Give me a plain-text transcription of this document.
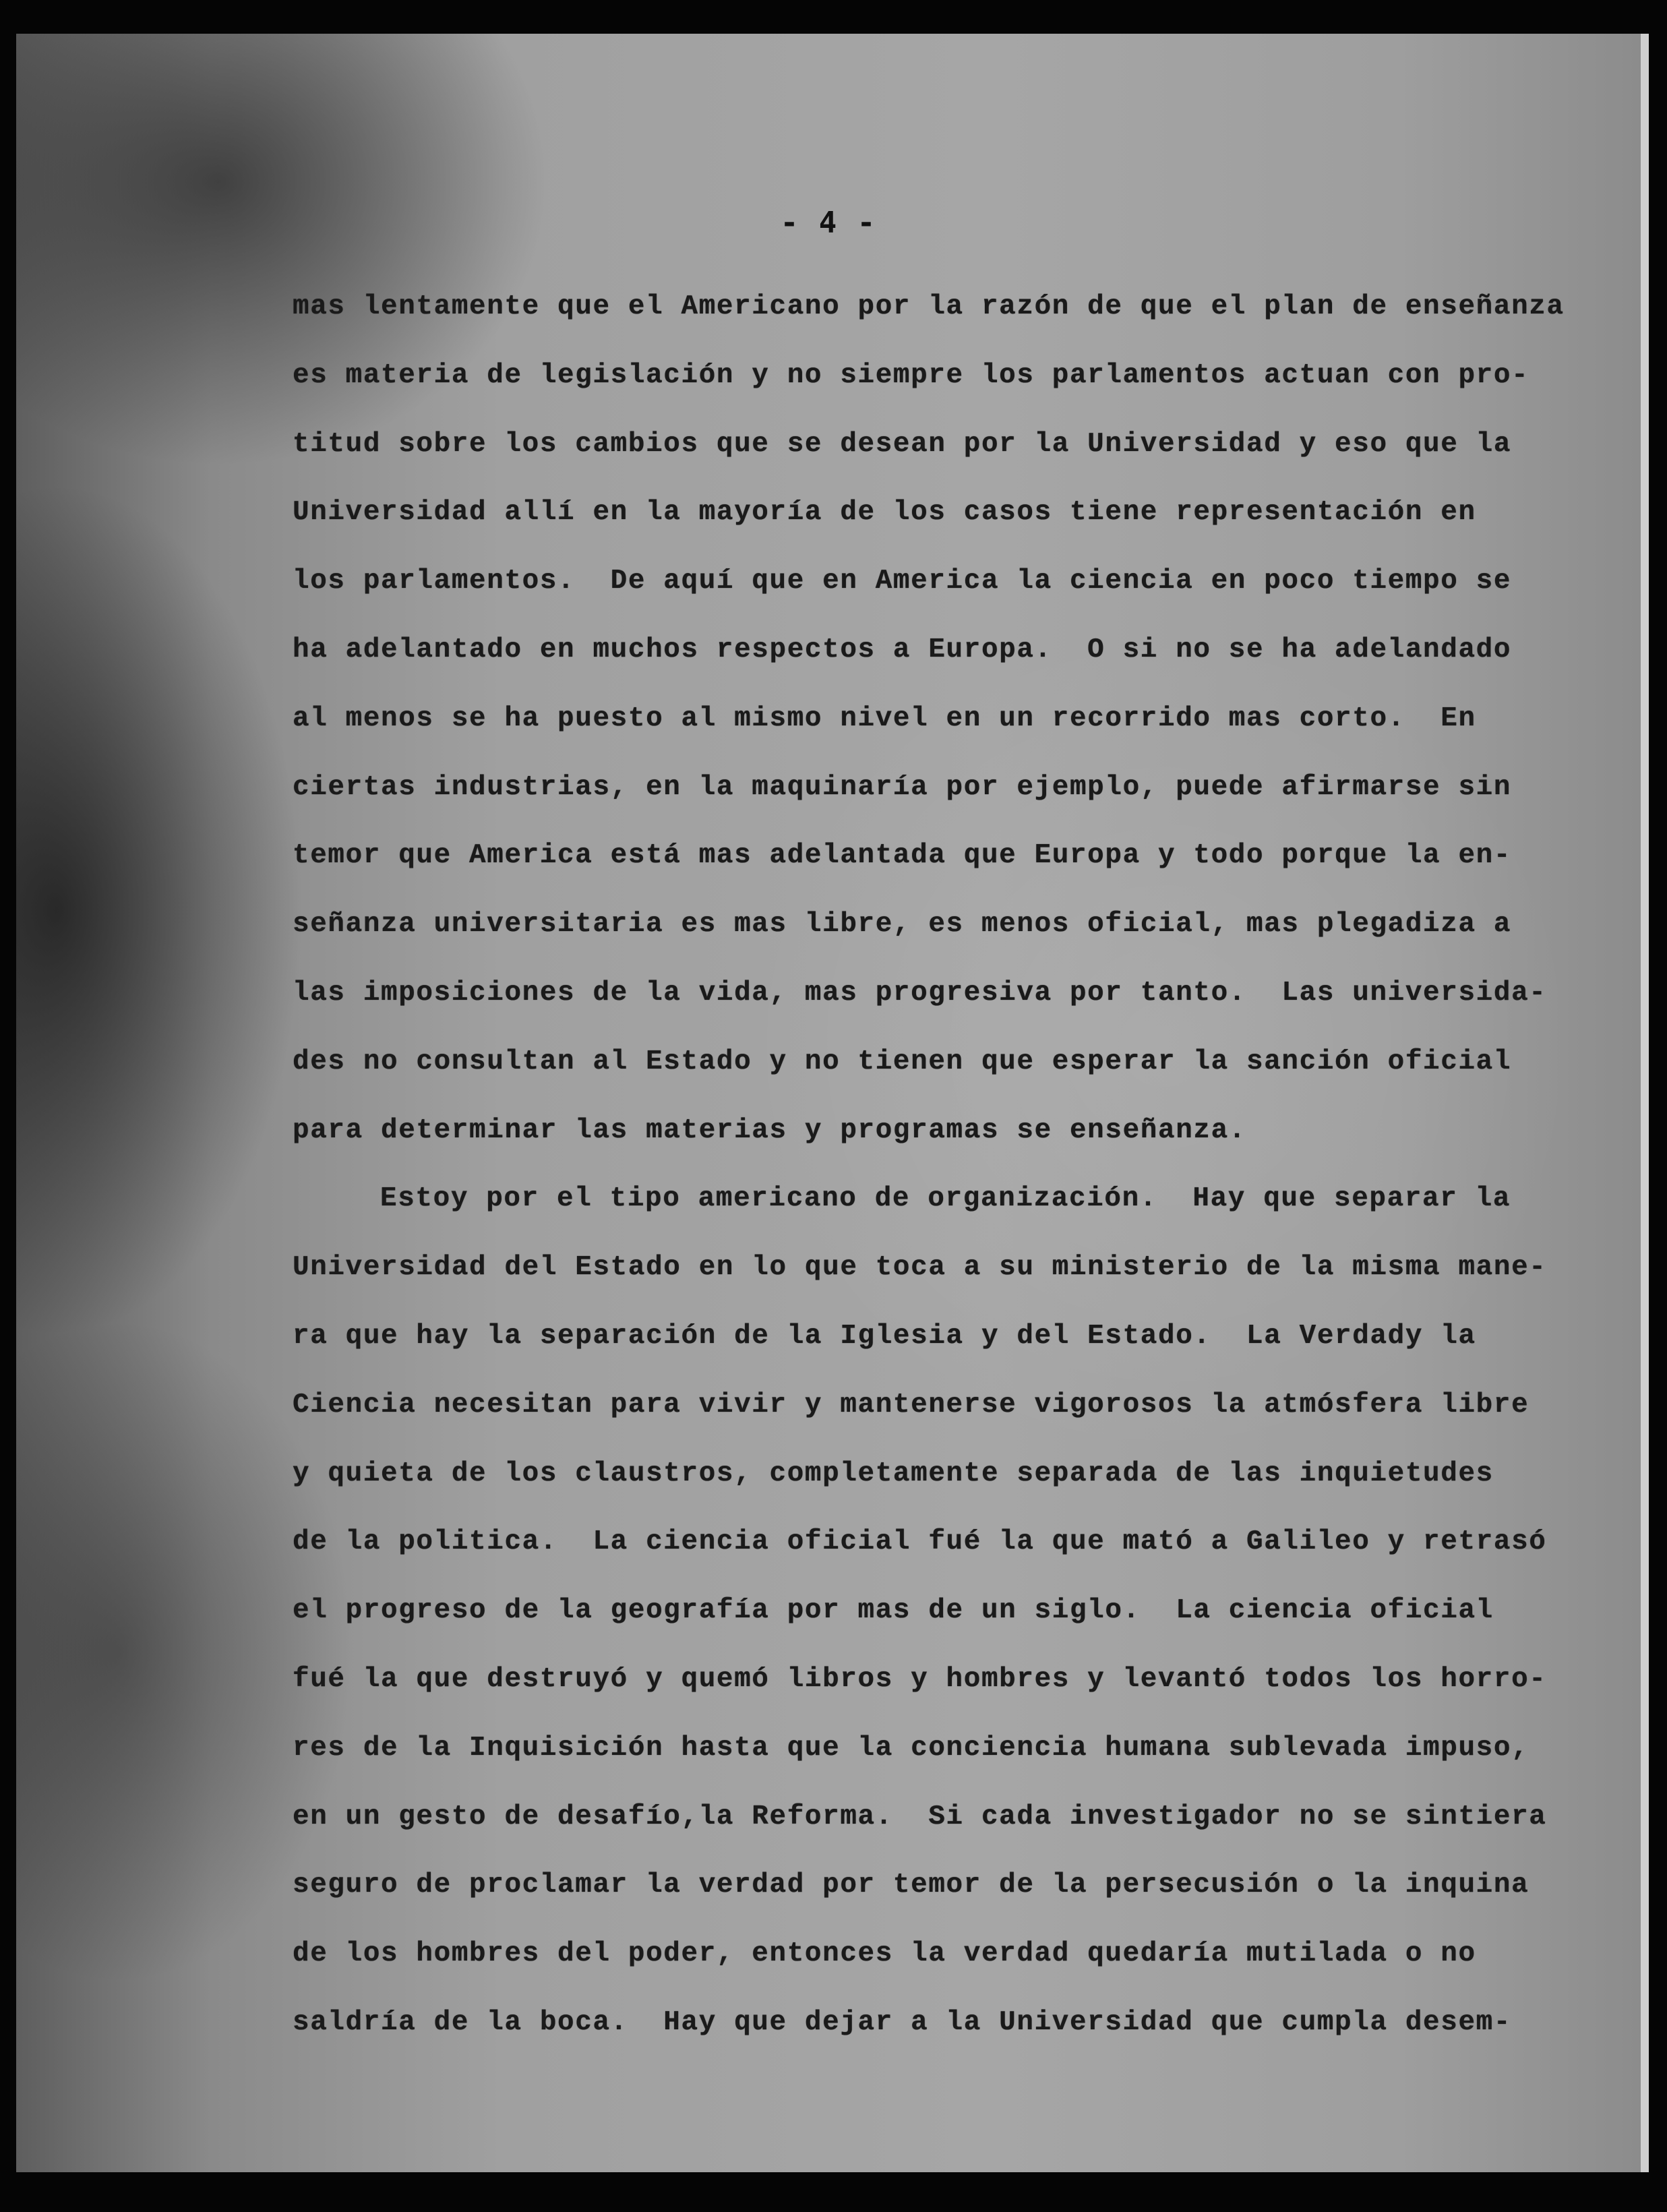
- 4 -
mas lentamente que el Americano por la razón de que el plan de enseñanza
es materia de legislación y no siempre los parlamentos actuan con pro-
titud sobre los cambios que se desean por la Universidad y eso que la
Universidad allí en la mayoría de los casos tiene representación en
los parlamentos.  De aquí que en America la ciencia en poco tiempo se
ha adelantado en muchos respectos a Europa.  O si no se ha adelandado
al menos se ha puesto al mismo nivel en un recorrido mas corto.  En
ciertas industrias, en la maquinaría por ejemplo, puede afirmarse sin
temor que America está mas adelantada que Europa y todo porque la en-
señanza universitaria es mas libre, es menos oficial, mas plegadiza a
las imposiciones de la vida, mas progresiva por tanto.  Las universida-
des no consultan al Estado y no tienen que esperar la sanción oficial
para determinar las materias y programas se enseñanza.
Estoy por el tipo americano de organización.  Hay que separar la
Universidad del Estado en lo que toca a su ministerio de la misma mane-
ra que hay la separación de la Iglesia y del Estado.  La Verdady la
Ciencia necesitan para vivir y mantenerse vigorosos la atmósfera libre
y quieta de los claustros, completamente separada de las inquietudes
de la politica.  La ciencia oficial fué la que mató a Galileo y retrasó
el progreso de la geografía por mas de un siglo.  La ciencia oficial
fué la que destruyó y quemó libros y hombres y levantó todos los horro-
res de la Inquisición hasta que la conciencia humana sublevada impuso,
en un gesto de desafío,la Reforma.  Si cada investigador no se sintiera
seguro de proclamar la verdad por temor de la persecusión o la inquina
de los hombres del poder, entonces la verdad quedaría mutilada o no
saldría de la boca.  Hay que dejar a la Universidad que cumpla desem-
